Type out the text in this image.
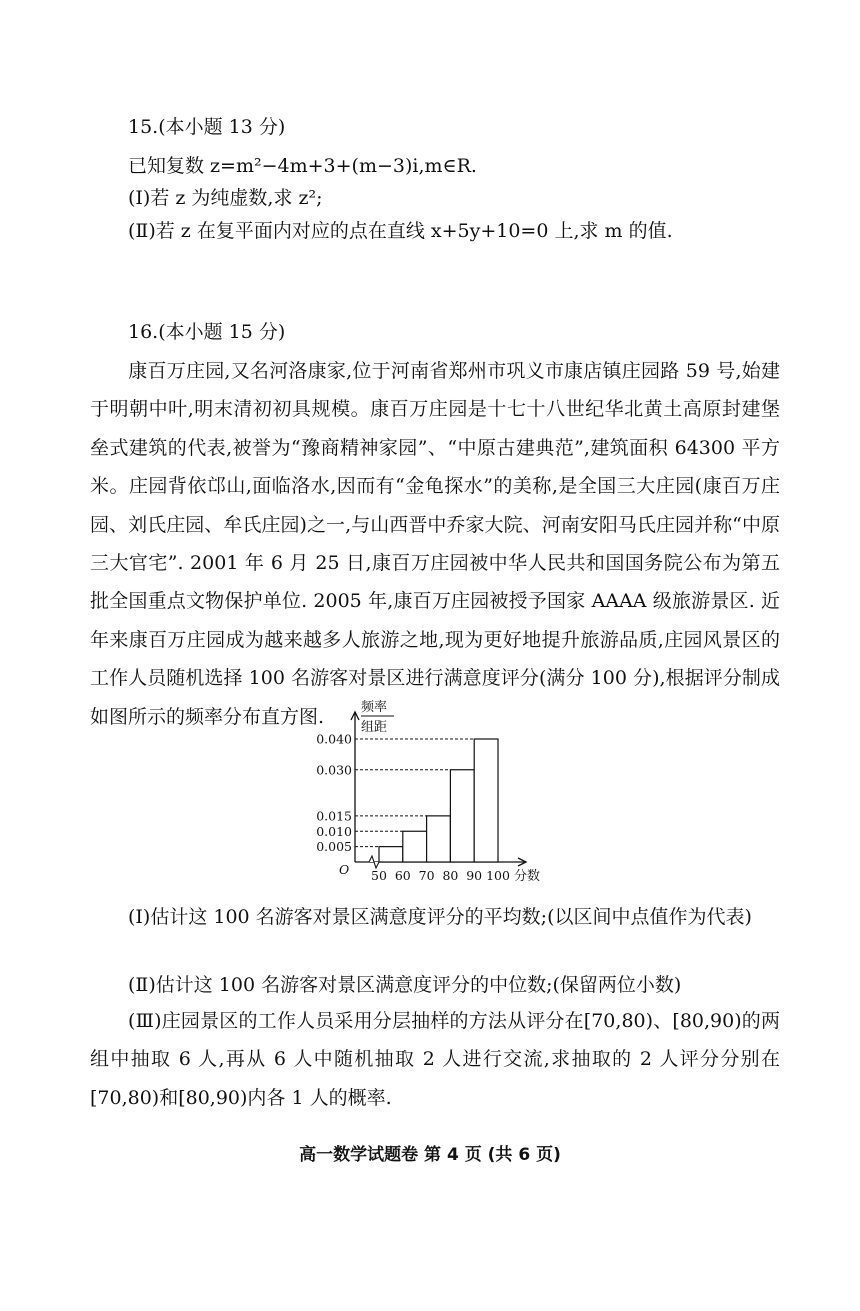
15.(本小题 13 分)
已知复数 z=m²−4m+3+(m−3)i,m∈R.
(Ⅰ)若 z 为纯虚数,求 z²;
(Ⅱ)若 z 在复平面内对应的点在直线 x+5y+10=0 上,求 m 的值.
16.(本小题 15 分)
康百万庄园,又名河洛康家,位于河南省郑州市巩义市康店镇庄园路 59 号,始建于明朝中叶,明末清初初具规模。康百万庄园是十七十八世纪华北黄土高原封建堡垒式建筑的代表,被誉为“豫商精神家园”、“中原古建典范”,建筑面积 64300 平方米。庄园背依邙山,面临洛水,因而有“金龟探水”的美称,是全国三大庄园(康百万庄园、刘氏庄园、牟氏庄园)之一,与山西晋中乔家大院、河南安阳马氏庄园并称“中原三大官宅”. 2001 年 6 月 25 日,康百万庄园被中华人民共和国国务院公布为第五批全国重点文物保护单位. 2005 年,康百万庄园被授予国家 AAAA 级旅游景区. 近年来康百万庄园成为越来越多人旅游之地,现为更好地提升旅游品质,庄园风景区的工作人员随机选择 100 名游客对景区进行满意度评分(满分 100 分),根据评分制成如图所示的频率分布直方图.	频率
组距
0.005
0.010
0.015
0.030
0.040
50 60 70 80 90 100 分数
O
(Ⅰ)估计这 100 名游客对景区满意度评分的平均数;(以区间中点值作为代表)
(Ⅱ)估计这 100 名游客对景区满意度评分的中位数;(保留两位小数)
(Ⅲ)庄园景区的工作人员采用分层抽样的方法从评分在[70,80)、[80,90)的两组中抽取 6 人,再从 6 人中随机抽取 2 人进行交流,求抽取的 2 人评分分别在[70,80)和[80,90)内各 1 人的概率.
高一数学试题卷 第 4 页 (共 6 页)
